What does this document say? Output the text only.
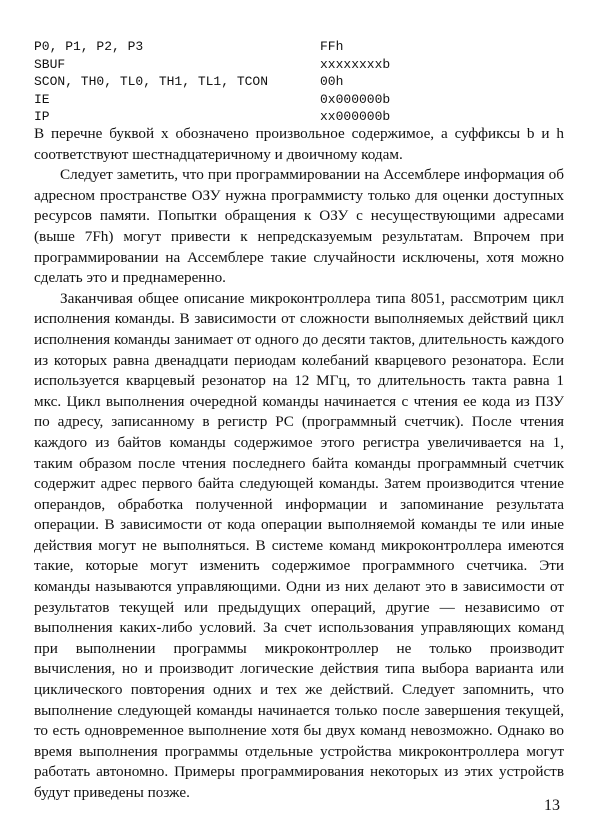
P0, P1, P2, P3	FFh
SBUF	xxxxxxxxb
SCON, TH0, TL0, TH1, TL1, TCON	00h
IE	0x000000b
IP	xx000000b

В перечне буквой x обозначено произвольное содержимое, а суффиксы b и h соответствуют шестнадцатеричному и двоичному кодам.

Следует заметить, что при программировании на Ассемблере информация об адресном пространстве ОЗУ нужна программисту только для оценки доступных ресурсов памяти. Попытки обращения к ОЗУ с несуществующими адресами (выше 7Fh) могут привести к непредсказуемым результатам. Впрочем при программировании на Ассемблере такие случайности исключены, хотя можно сделать это и преднамеренно.

Заканчивая общее описание микроконтроллера типа 8051, рассмотрим цикл исполнения команды. В зависимости от сложности выполняемых действий цикл исполнения команды занимает от одного до десяти тактов, длительность каждого из которых равна двенадцати периодам колебаний кварцевого резонатора. Если используется кварцевый резонатор на 12 МГц, то длительность такта равна 1 мкс. Цикл выполнения очередной команды начинается с чтения ее кода из ПЗУ по адресу, записанному в регистр PC (программный счетчик). После чтения каждого из байтов команды содержимое этого регистра увеличивается на 1, таким образом после чтения последнего байта команды программный счетчик содержит адрес первого байта следующей команды. Затем производится чтение операндов, обработка полученной информации и запоминание результата операции. В зависимости от кода операции выполняемой команды те или иные действия могут не выполняться. В системе команд микроконтроллера имеются такие, которые могут изменить содержимое программного счетчика. Эти команды называются управляющими. Одни из них делают это в зависимости от результатов текущей или предыдущих операций, другие — независимо от выполнения каких-либо условий. За счет использования управляющих команд при выполнении программы микроконтроллер не только производит вычисления, но и производит логические действия типа выбора варианта или циклического повторения одних и тех же действий. Следует запомнить, что выполнение следующей команды начинается только после завершения текущей, то есть одновременное выполнение хотя бы двух команд невозможно. Однако во время выполнения программы отдельные устройства микроконтроллера могут работать автономно. Примеры программирования некоторых из этих устройств будут приведены позже.

13
